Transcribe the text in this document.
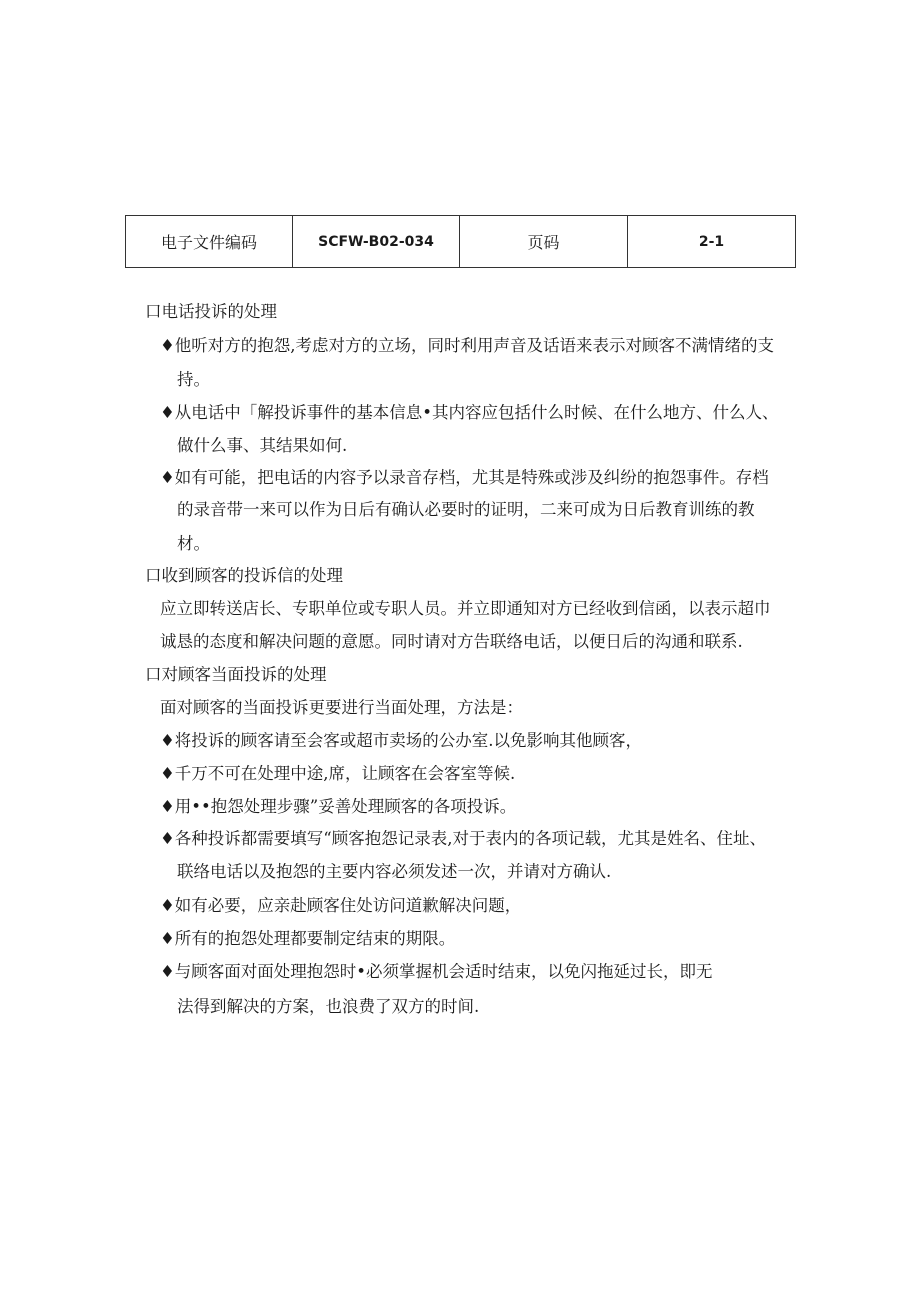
电子文件编码	SCFW-B02-034	页码	2-1
口电话投诉的处理
♦他听对方的抱怨,考虑对方的立场，同时利用声音及话语来表示对顾客不满情绪的支
持。
♦从电话中「解投诉事件的基本信息•其内容应包括什么时候、在什么地方、什么人、
做什么事、其结果如何.
♦如有可能，把电话的内容予以录音存档，尤其是特殊或涉及纠纷的抱怨事件。存档
的录音带一来可以作为日后有确认必要时的证明，二来可成为日后教育训练的教
材。
口收到顾客的投诉信的处理
应立即转送店长、专职单位或专职人员。并立即通知对方已经收到信函，以表示超巾
诚恳的态度和解决问题的意愿。同时请对方告联络电话，以便日后的沟通和联系.
口对顾客当面投诉的处理
面对顾客的当面投诉更要进行当面处理，方法是：
♦将投诉的顾客请至会客或超市卖场的公办室.以免影响其他顾客，
♦千万不可在处理中途,席，让顾客在会客室等候.
♦用••抱怨处理步骤”妥善处理顾客的各项投诉。
♦各种投诉都需要填写“顾客抱怨记录表,对于表内的各项记载，尤其是姓名、住址、
联络电话以及抱怨的主要内容必须发述一次，并请对方确认.
♦如有必要，应亲赴顾客住处访问道歉解决问题，
♦所有的抱怨处理都要制定结束的期限。
♦与顾客面对面处理抱怨时•必须掌握机会适时结束，以免闪拖延过长，即无
法得到解决的方案，也浪费了双方的时间.
